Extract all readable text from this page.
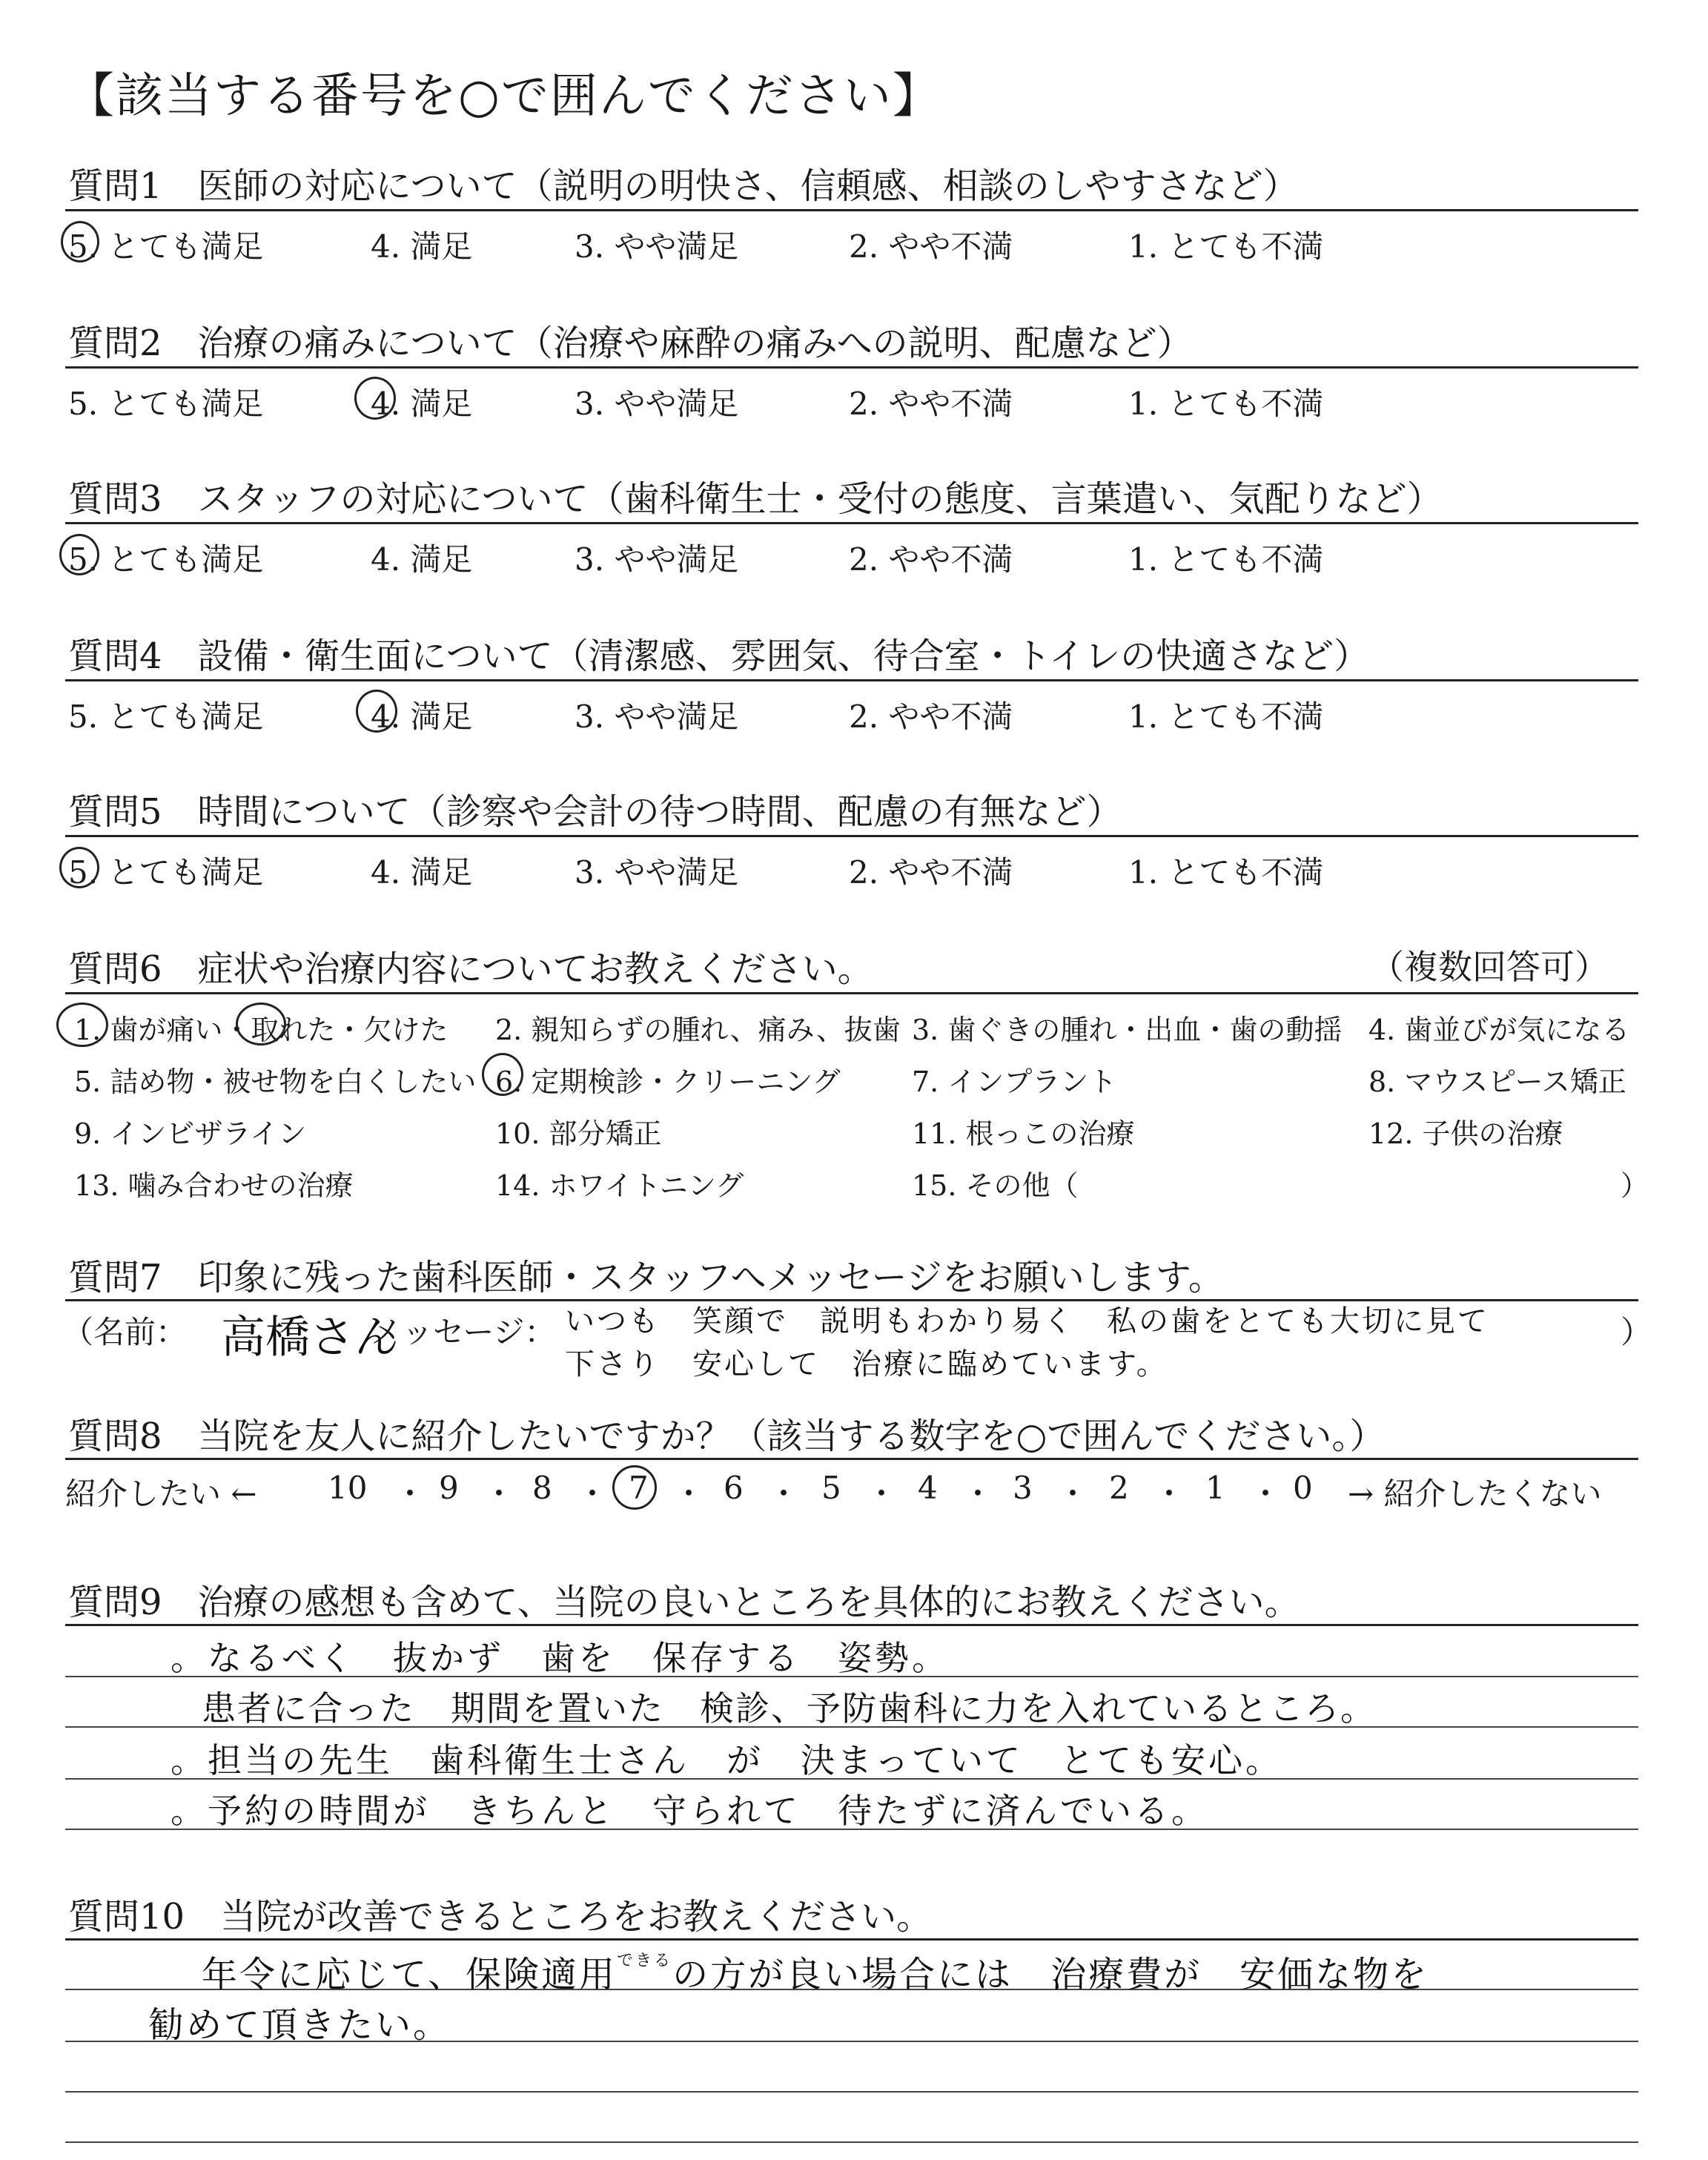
【該当する番号を○で囲んでください】
質問1　医師の対応について（説明の明快さ、信頼感、相談のしやすさなど）
5. とても満足	4. 満足	3. やや満足	2. やや不満	1. とても不満
質問2　治療の痛みについて（治療や麻酔の痛みへの説明、配慮など）
5. とても満足	4. 満足	3. やや満足	2. やや不満	1. とても不満
質問3　スタッフの対応について（歯科衛生士・受付の態度、言葉遣い、気配りなど）
5. とても満足	4. 満足	3. やや満足	2. やや不満	1. とても不満
質問4　設備・衛生面について（清潔感、雰囲気、待合室・トイレの快適さなど）
5. とても満足	4. 満足	3. やや満足	2. やや不満	1. とても不満
質問5　時間について（診察や会計の待つ時間、配慮の有無など）
5. とても満足	4. 満足	3. やや満足	2. やや不満	1. とても不満
質問6　症状や治療内容についてお教えください。	（複数回答可）
1. 歯が痛い・取れた・欠けた 2. 親知らずの腫れ、痛み、抜歯 3. 歯ぐきの腫れ・出血・歯の動揺 4. 歯並びが気になる
5. 詰め物・被せ物を白くしたい 6. 定期検診・クリーニング	7. インプラント	8. マウスピース矯正
9. インビザライン	10. 部分矯正	11. 根っこの治療	12. 子供の治療
13. 噛み合わせの治療	14. ホワイトニング	15. その他（	）
質問7　印象に残った歯科医師・スタッフへメッセージをお願いします。
（名前： 高橋さん
メッセージ：	）
いつも　笑顔で　説明もわかり易く　私の歯をとても大切に見て
下さり　安心して　治療に臨めています。
質問8　当院を友人に紹介したいですか？（該当する数字を○で囲んでください。）
紹介したい ←	→ 紹介したくない
10 ・ 9 ・ 8 ・ 7 ・ 6 ・ 5 ・ 4 ・ 3 ・ 2 ・ 1 ・ 0
質問9　治療の感想も含めて、当院の良いところを具体的にお教えください。
。なるべく　抜かず　歯を　保存する　姿勢。
患者に合った　期間を置いた　検診、予防歯科に力を入れているところ。
。担当の先生　歯科衛生士さん　が　決まっていて　とても安心。
。予約の時間が　きちんと　守られて　待たずに済んでいる。
質問10　当院が改善できるところをお教えください。
年令に応じて、保険適用$^{できる}$の方が良い場合には　治療費が　安価な物を
勧めて頂きたい。
